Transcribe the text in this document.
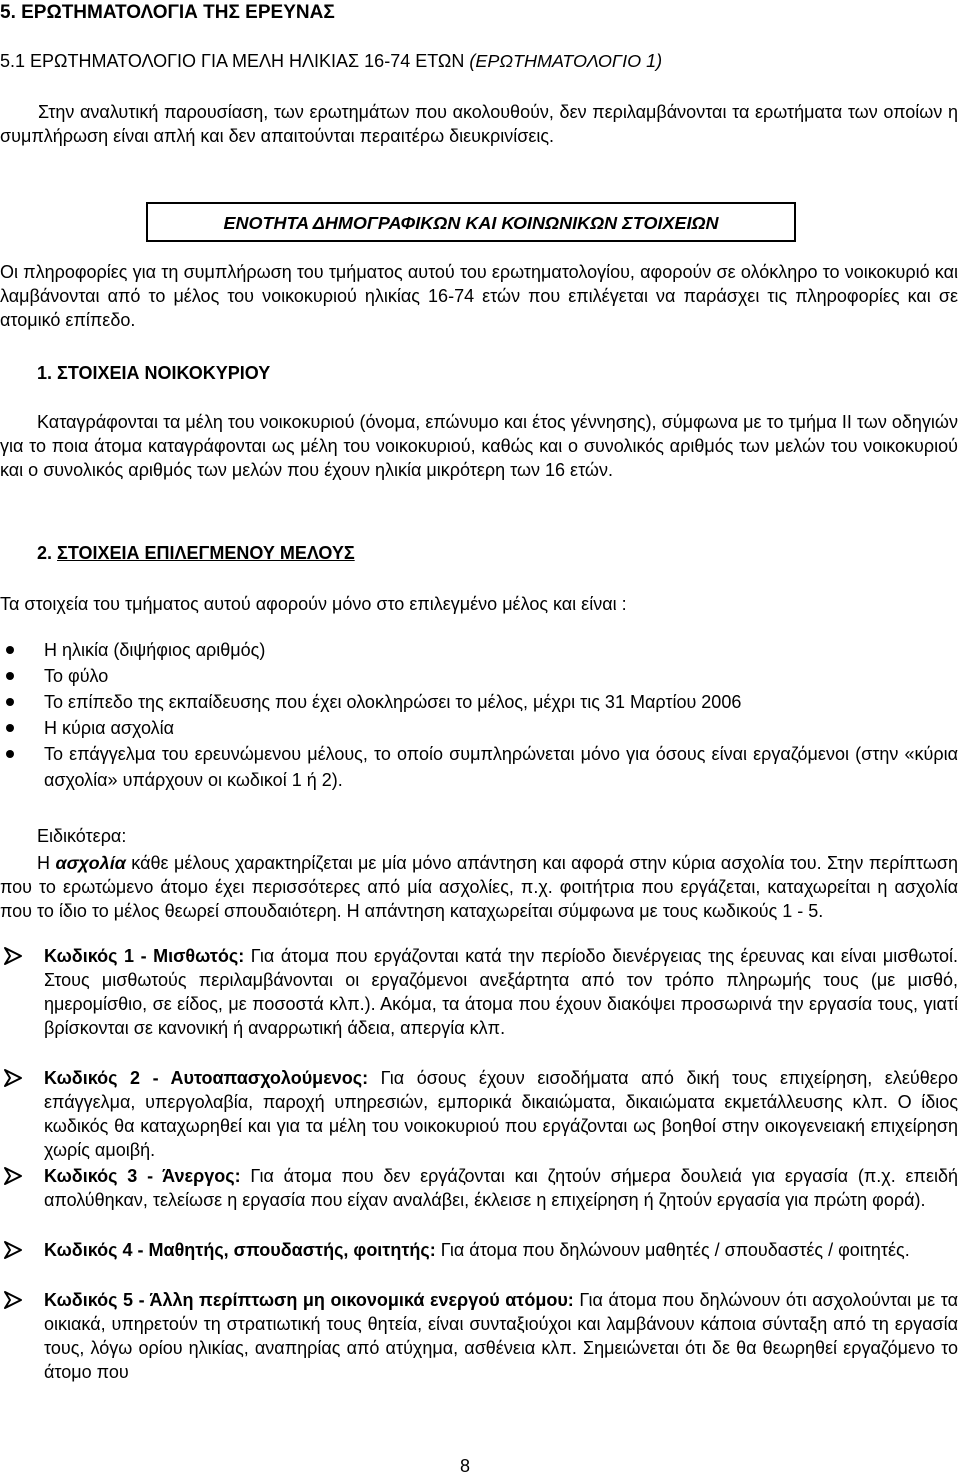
5. ΕΡΩΤΗΜΑΤΟΛΟΓΙΑ ΤΗΣ ΕΡΕΥΝΑΣ
5.1 ΕΡΩΤΗΜΑΤΟΛΟΓΙΟ ΓΙΑ ΜΕΛΗ ΗΛΙΚΙΑΣ 16-74 ΕΤΩΝ (ΕΡΩΤΗΜΑΤΟΛΟΓΙΟ 1)
Στην αναλυτική παρουσίαση, των ερωτημάτων που ακολουθούν, δεν περιλαμβάνονται τα ερωτήματα των οποίων η συμπλήρωση είναι απλή και δεν απαιτούνται περαιτέρω διευκρινίσεις.
ΕΝΟΤΗΤΑ ΔΗΜΟΓΡΑΦΙΚΩΝ ΚΑΙ ΚΟΙΝΩΝΙΚΩΝ ΣΤΟΙΧΕΙΩΝ
Οι πληροφορίες για τη συμπλήρωση του τμήματος αυτού του ερωτηματολογίου, αφορούν σε ολόκληρο το νοικοκυριό και λαμβάνονται από το μέλος του νοικοκυριού ηλικίας 16-74 ετών που επιλέγεται να παράσχει τις πληροφορίες και σε ατομικό επίπεδο.
1. ΣΤΟΙΧΕΙΑ ΝΟΙΚΟΚΥΡΙΟΥ
Καταγράφονται τα μέλη του νοικοκυριού (όνομα, επώνυμο και έτος γέννησης), σύμφωνα με το τμήμα ΙΙ των οδηγιών για το ποια άτομα καταγράφονται ως μέλη του νοικοκυριού, καθώς και ο συνολικός αριθμός των μελών του νοικοκυριού και ο συνολικός αριθμός των μελών που έχουν ηλικία μικρότερη των 16 ετών.
2. ΣΤΟΙΧΕΙΑ ΕΠΙΛΕΓΜΕΝΟΥ ΜΕΛΟΥΣ
Τα στοιχεία του τμήματος αυτού αφορούν μόνο στο επιλεγμένο μέλος και είναι :
Η ηλικία (διψήφιος αριθμός)
Το φύλο
Το επίπεδο της εκπαίδευσης που έχει ολοκληρώσει το μέλος, μέχρι τις 31 Μαρτίου 2006
Η κύρια ασχολία
Το επάγγελμα του ερευνώμενου μέλους, το οποίο συμπληρώνεται μόνο για όσους είναι εργαζόμενοι (στην «κύρια ασχολία» υπάρχουν οι κωδικοί 1 ή 2).
Ειδικότερα:
Η ασχολία κάθε μέλους χαρακτηρίζεται με μία μόνο απάντηση και αφορά στην κύρια ασχολία του. Στην περίπτωση που το ερωτώμενο άτομο έχει περισσότερες από μία ασχολίες, π.χ. φοιτήτρια που εργάζεται, καταχωρείται η ασχολία που το ίδιο το μέλος θεωρεί σπουδαιότερη. Η απάντηση καταχωρείται σύμφωνα με τους κωδικούς 1 - 5.
Κωδικός 1 - Μισθωτός: Για άτομα που εργάζονται κατά την περίοδο διενέργειας της έρευνας και είναι μισθωτοί. Στους μισθωτούς περιλαμβάνονται οι εργαζόμενοι ανεξάρτητα από τον τρόπο πληρωμής τους (με μισθό, ημερομίσθιο, σε είδος, με ποσοστά κλπ.). Ακόμα, τα άτομα που έχουν διακόψει προσωρινά την εργασία τους, γιατί βρίσκονται σε κανονική ή αναρρωτική άδεια, απεργία κλπ.
Κωδικός 2 - Αυτοαπασχολούμενος: Για όσους έχουν εισοδήματα από δική τους επιχείρηση, ελεύθερο επάγγελμα, υπεργολαβία, παροχή υπηρεσιών, εμπορικά δικαιώματα, δικαιώματα εκμετάλλευσης κλπ. Ο ίδιος κωδικός θα καταχωρηθεί και για τα μέλη του νοικοκυριού που εργάζονται ως βοηθοί στην οικογενειακή επιχείρηση χωρίς αμοιβή.
Κωδικός 3 - Άνεργος: Για άτομα που δεν εργάζονται και ζητούν σήμερα δουλειά για εργασία (π.χ. επειδή απολύθηκαν, τελείωσε η εργασία που είχαν αναλάβει, έκλεισε η επιχείρηση ή ζητούν εργασία για πρώτη φορά).
Κωδικός 4 - Μαθητής, σπουδαστής, φοιτητής: Για άτομα που δηλώνουν μαθητές / σπουδαστές / φοιτητές.
Κωδικός 5 - Άλλη περίπτωση μη οικονομικά ενεργού ατόμου: Για άτομα που δηλώνουν ότι ασχολούνται με τα οικιακά, υπηρετούν τη στρατιωτική τους θητεία, είναι συνταξιούχοι και λαμβάνουν κάποια σύνταξη από τη εργασία τους, λόγω ορίου ηλικίας, αναπηρίας από ατύχημα, ασθένεια κλπ. Σημειώνεται ότι δε θα θεωρηθεί εργαζόμενο το άτομο που
8
